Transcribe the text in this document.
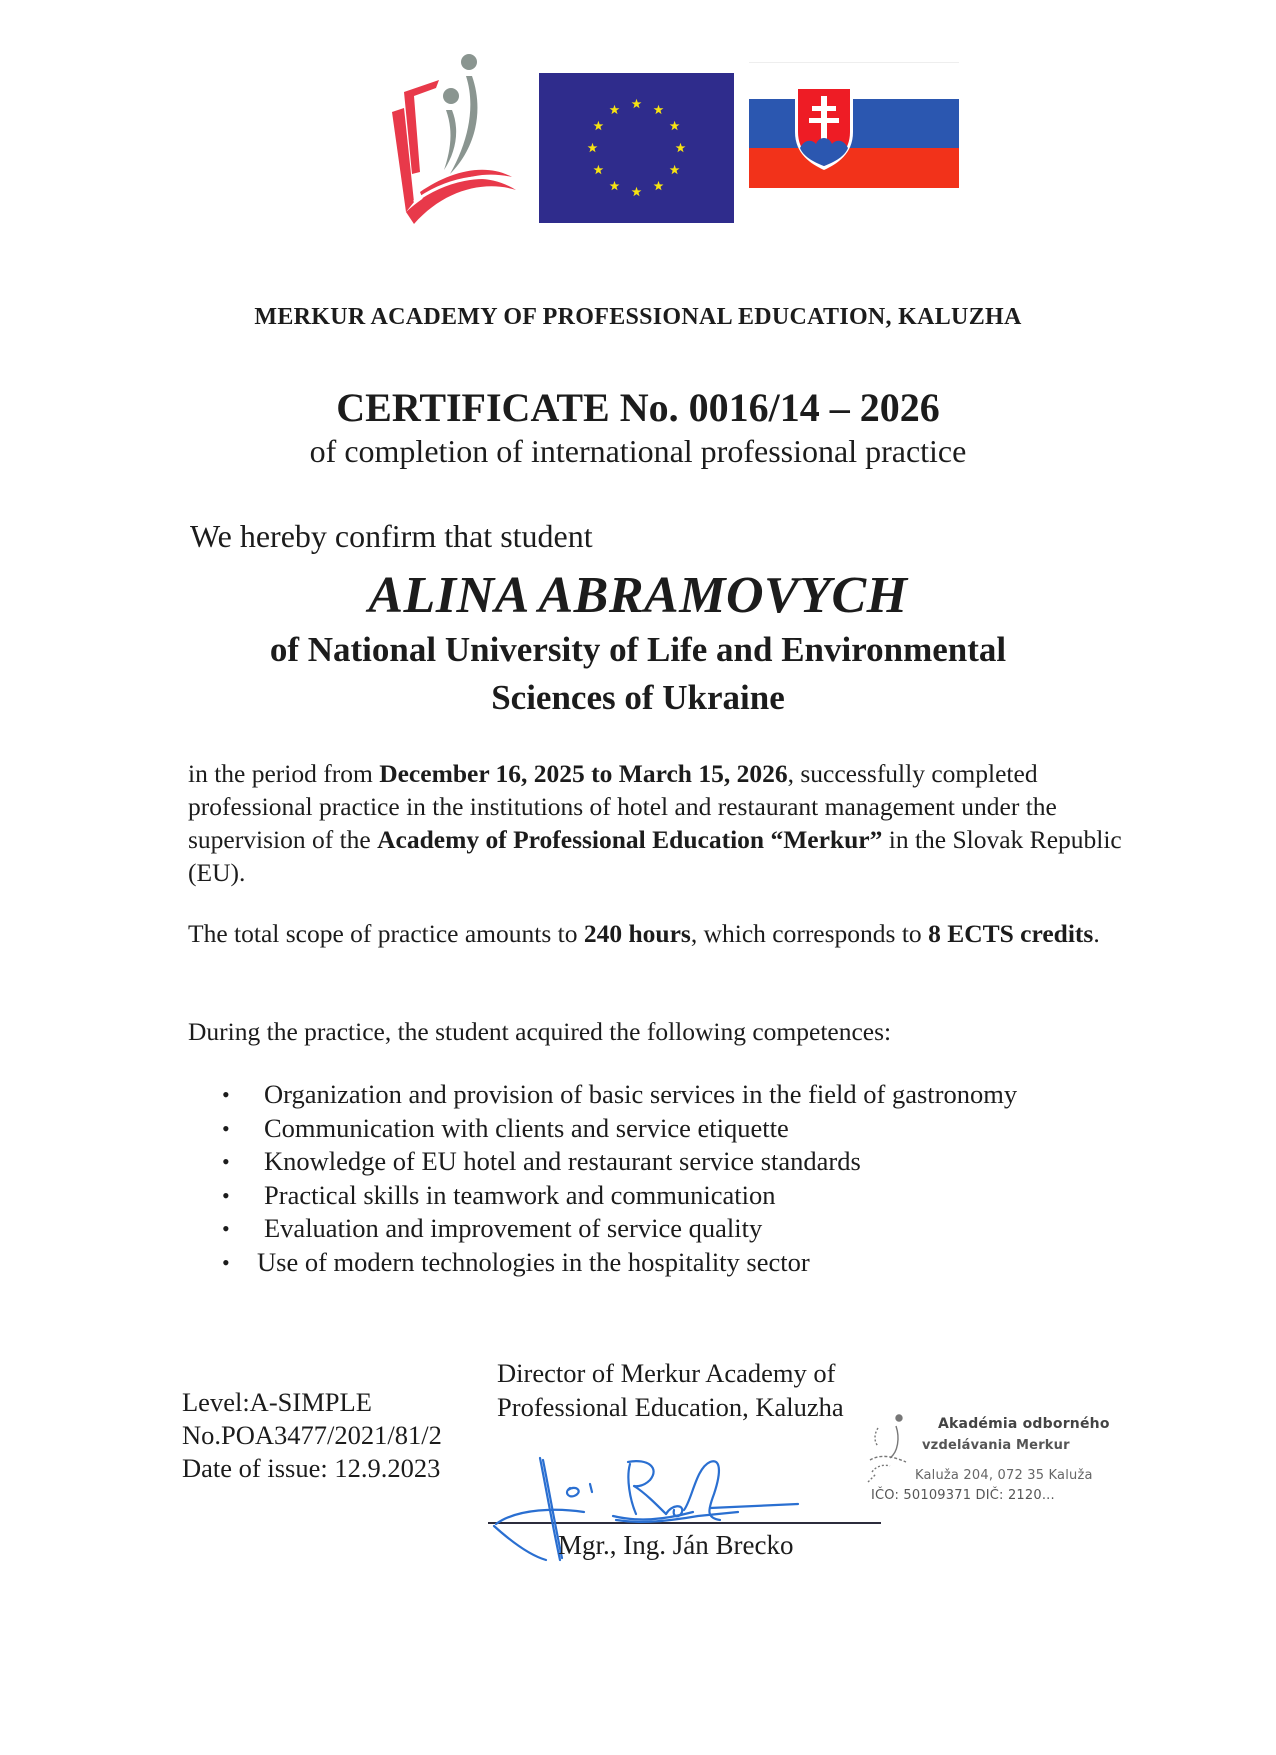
MERKUR ACADEMY OF PROFESSIONAL EDUCATION, KALUZHA
CERTIFICATE No. 0016/14 – 2026
of completion of international professional practice
We hereby confirm that student
ALINA ABRAMOVYCH
of National University of Life and Environmental
Sciences of Ukraine
in the period from December 16, 2025 to March 15, 2026, successfully completed professional practice in the institutions of hotel and restaurant management under the supervision of the Academy of Professional Education “Merkur” in the Slovak Republic (EU).
The total scope of practice amounts to 240 hours, which corresponds to 8 ECTS credits.
During the practice, the student acquired the following competences:
• Organization and provision of basic services in the field of gastronomy
• Communication with clients and service etiquette
• Knowledge of EU hotel and restaurant service standards
• Practical skills in teamwork and communication
• Evaluation and improvement of service quality
• Use of modern technologies in the hospitality sector
Director of Merkur Academy of
Professional Education, Kaluzha
Level:A-SIMPLE
No.POA3477/2021/81/2
Date of issue: 12.9.2023
Mgr., Ing. Ján Brecko
Akadémia odborného
vzdelávania Merkur
Kaluža 204, 072 35 Kaluža
IČO: 50109371 DIČ: 2120...
